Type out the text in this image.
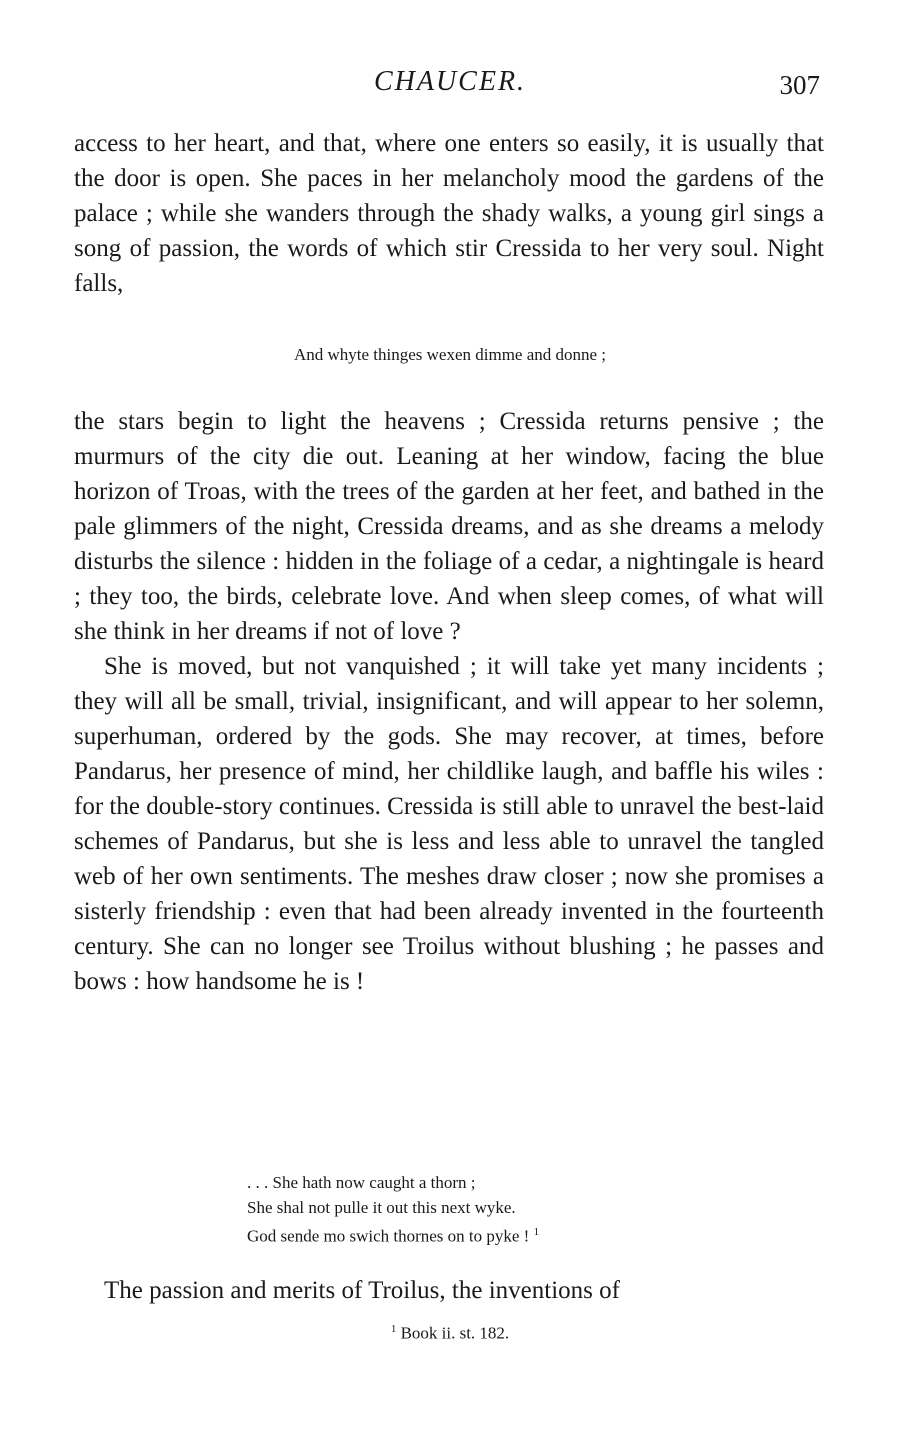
CHAUCER.	307

access to her heart, and that, where one enters so easily, it is usually that the door is open. She paces in her melancholy mood the gardens of the palace ; while she wanders through the shady walks, a young girl sings a song of passion, the words of which stir Cressida to her very soul. Night falls,

And whyte thinges wexen dimme and donne ;

the stars begin to light the heavens ; Cressida returns pensive ; the murmurs of the city die out. Leaning at her window, facing the blue horizon of Troas, with the trees of the garden at her feet, and bathed in the pale glimmers of the night, Cressida dreams, and as she dreams a melody disturbs the silence : hidden in the foliage of a cedar, a nightingale is heard ; they too, the birds, celebrate love. And when sleep comes, of what will she think in her dreams if not of love ?

She is moved, but not vanquished ; it will take yet many incidents ; they will all be small, trivial, insignificant, and will appear to her solemn, superhuman, ordered by the gods. She may recover, at times, before Pandarus, her presence of mind, her childlike laugh, and baffle his wiles : for the double-story continues. Cressida is still able to unravel the best-laid schemes of Pandarus, but she is less and less able to unravel the tangled web of her own sentiments. The meshes draw closer ; now she promises a sisterly friendship : even that had been already invented in the fourteenth century. She can no longer see Troilus without blushing ; he passes and bows : how handsome he is !

. . . She hath now caught a thorn ;
She shal not pulle it out this next wyke.
God sende mo swich thornes on to pyke ! $^1$

The passion and merits of Troilus, the inventions of

$^1$ Book ii. st. 182.
